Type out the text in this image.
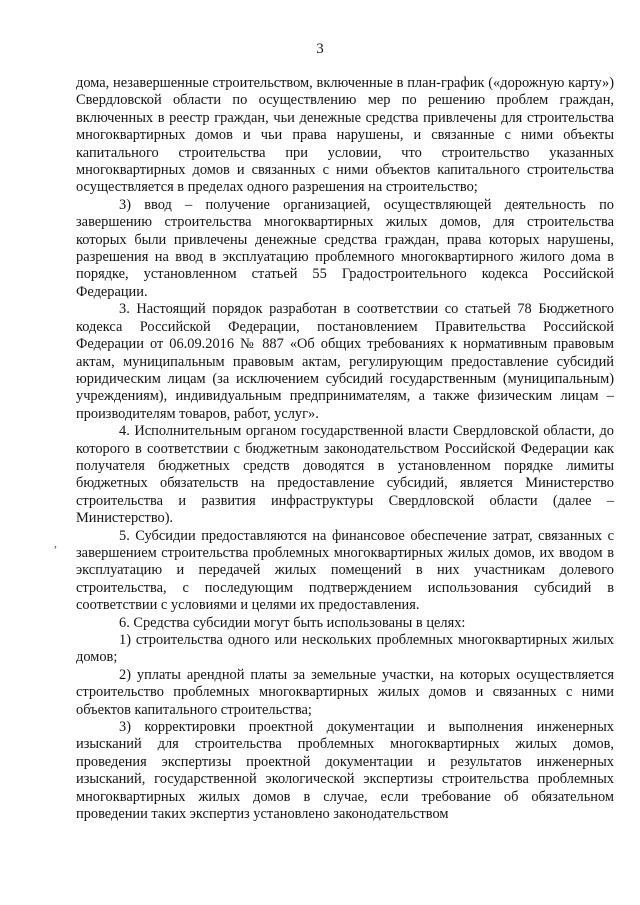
3
,

дома, незавершенные строительством, включенные в план-график («дорожную карту») Свердловской области по осуществлению мер по решению проблем граждан, включенных в реестр граждан, чьи денежные средства привлечены для строительства многоквартирных домов и чьи права нарушены, и связанные с ними объекты капитального строительства при условии, что строительство указанных многоквартирных домов и связанных с ними объектов капитального строительства осуществляется в пределах одного разрешения на строительство;

3) ввод – получение организацией, осуществляющей деятельность по завершению строительства многоквартирных жилых домов, для строительства которых были привлечены денежные средства граждан, права которых нарушены, разрешения на ввод в эксплуатацию проблемного многоквартирного жилого дома в порядке, установленном статьей 55 Градостроительного кодекса Российской Федерации.

3. Настоящий порядок разработан в соответствии со статьей 78 Бюджетного кодекса Российской Федерации, постановлением Правительства Российской Федерации от 06.09.2016 № 887 «Об общих требованиях к нормативным правовым актам, муниципальным правовым актам, регулирующим предоставление субсидий юридическим лицам (за исключением субсидий государственным (муниципальным) учреждениям), индивидуальным предпринимателям, а также физическим лицам – производителям товаров, работ, услуг».

4. Исполнительным органом государственной власти Свердловской области, до которого в соответствии с бюджетным законодательством Российской Федерации как получателя бюджетных средств доводятся в установленном порядке лимиты бюджетных обязательств на предоставление субсидий, является Министерство строительства и развития инфраструктуры Свердловской области (далее – Министерство).

5. Субсидии предоставляются на финансовое обеспечение затрат, связанных с завершением строительства проблемных многоквартирных жилых домов, их вводом в эксплуатацию и передачей жилых помещений в них участникам долевого строительства, с последующим подтверждением использования субсидий в соответствии с условиями и целями их предоставления.

6. Средства субсидии могут быть использованы в целях:

1) строительства одного или нескольких проблемных многоквартирных жилых домов;

2) уплаты арендной платы за земельные участки, на которых осуществляется строительство проблемных многоквартирных жилых домов и связанных с ними объектов капитального строительства;

3) корректировки проектной документации и выполнения инженерных изысканий для строительства проблемных многоквартирных жилых домов, проведения экспертизы проектной документации и результатов инженерных изысканий, государственной экологической экспертизы строительства проблемных многоквартирных жилых домов в случае, если требование об обязательном проведении таких экспертиз установлено законодательством
